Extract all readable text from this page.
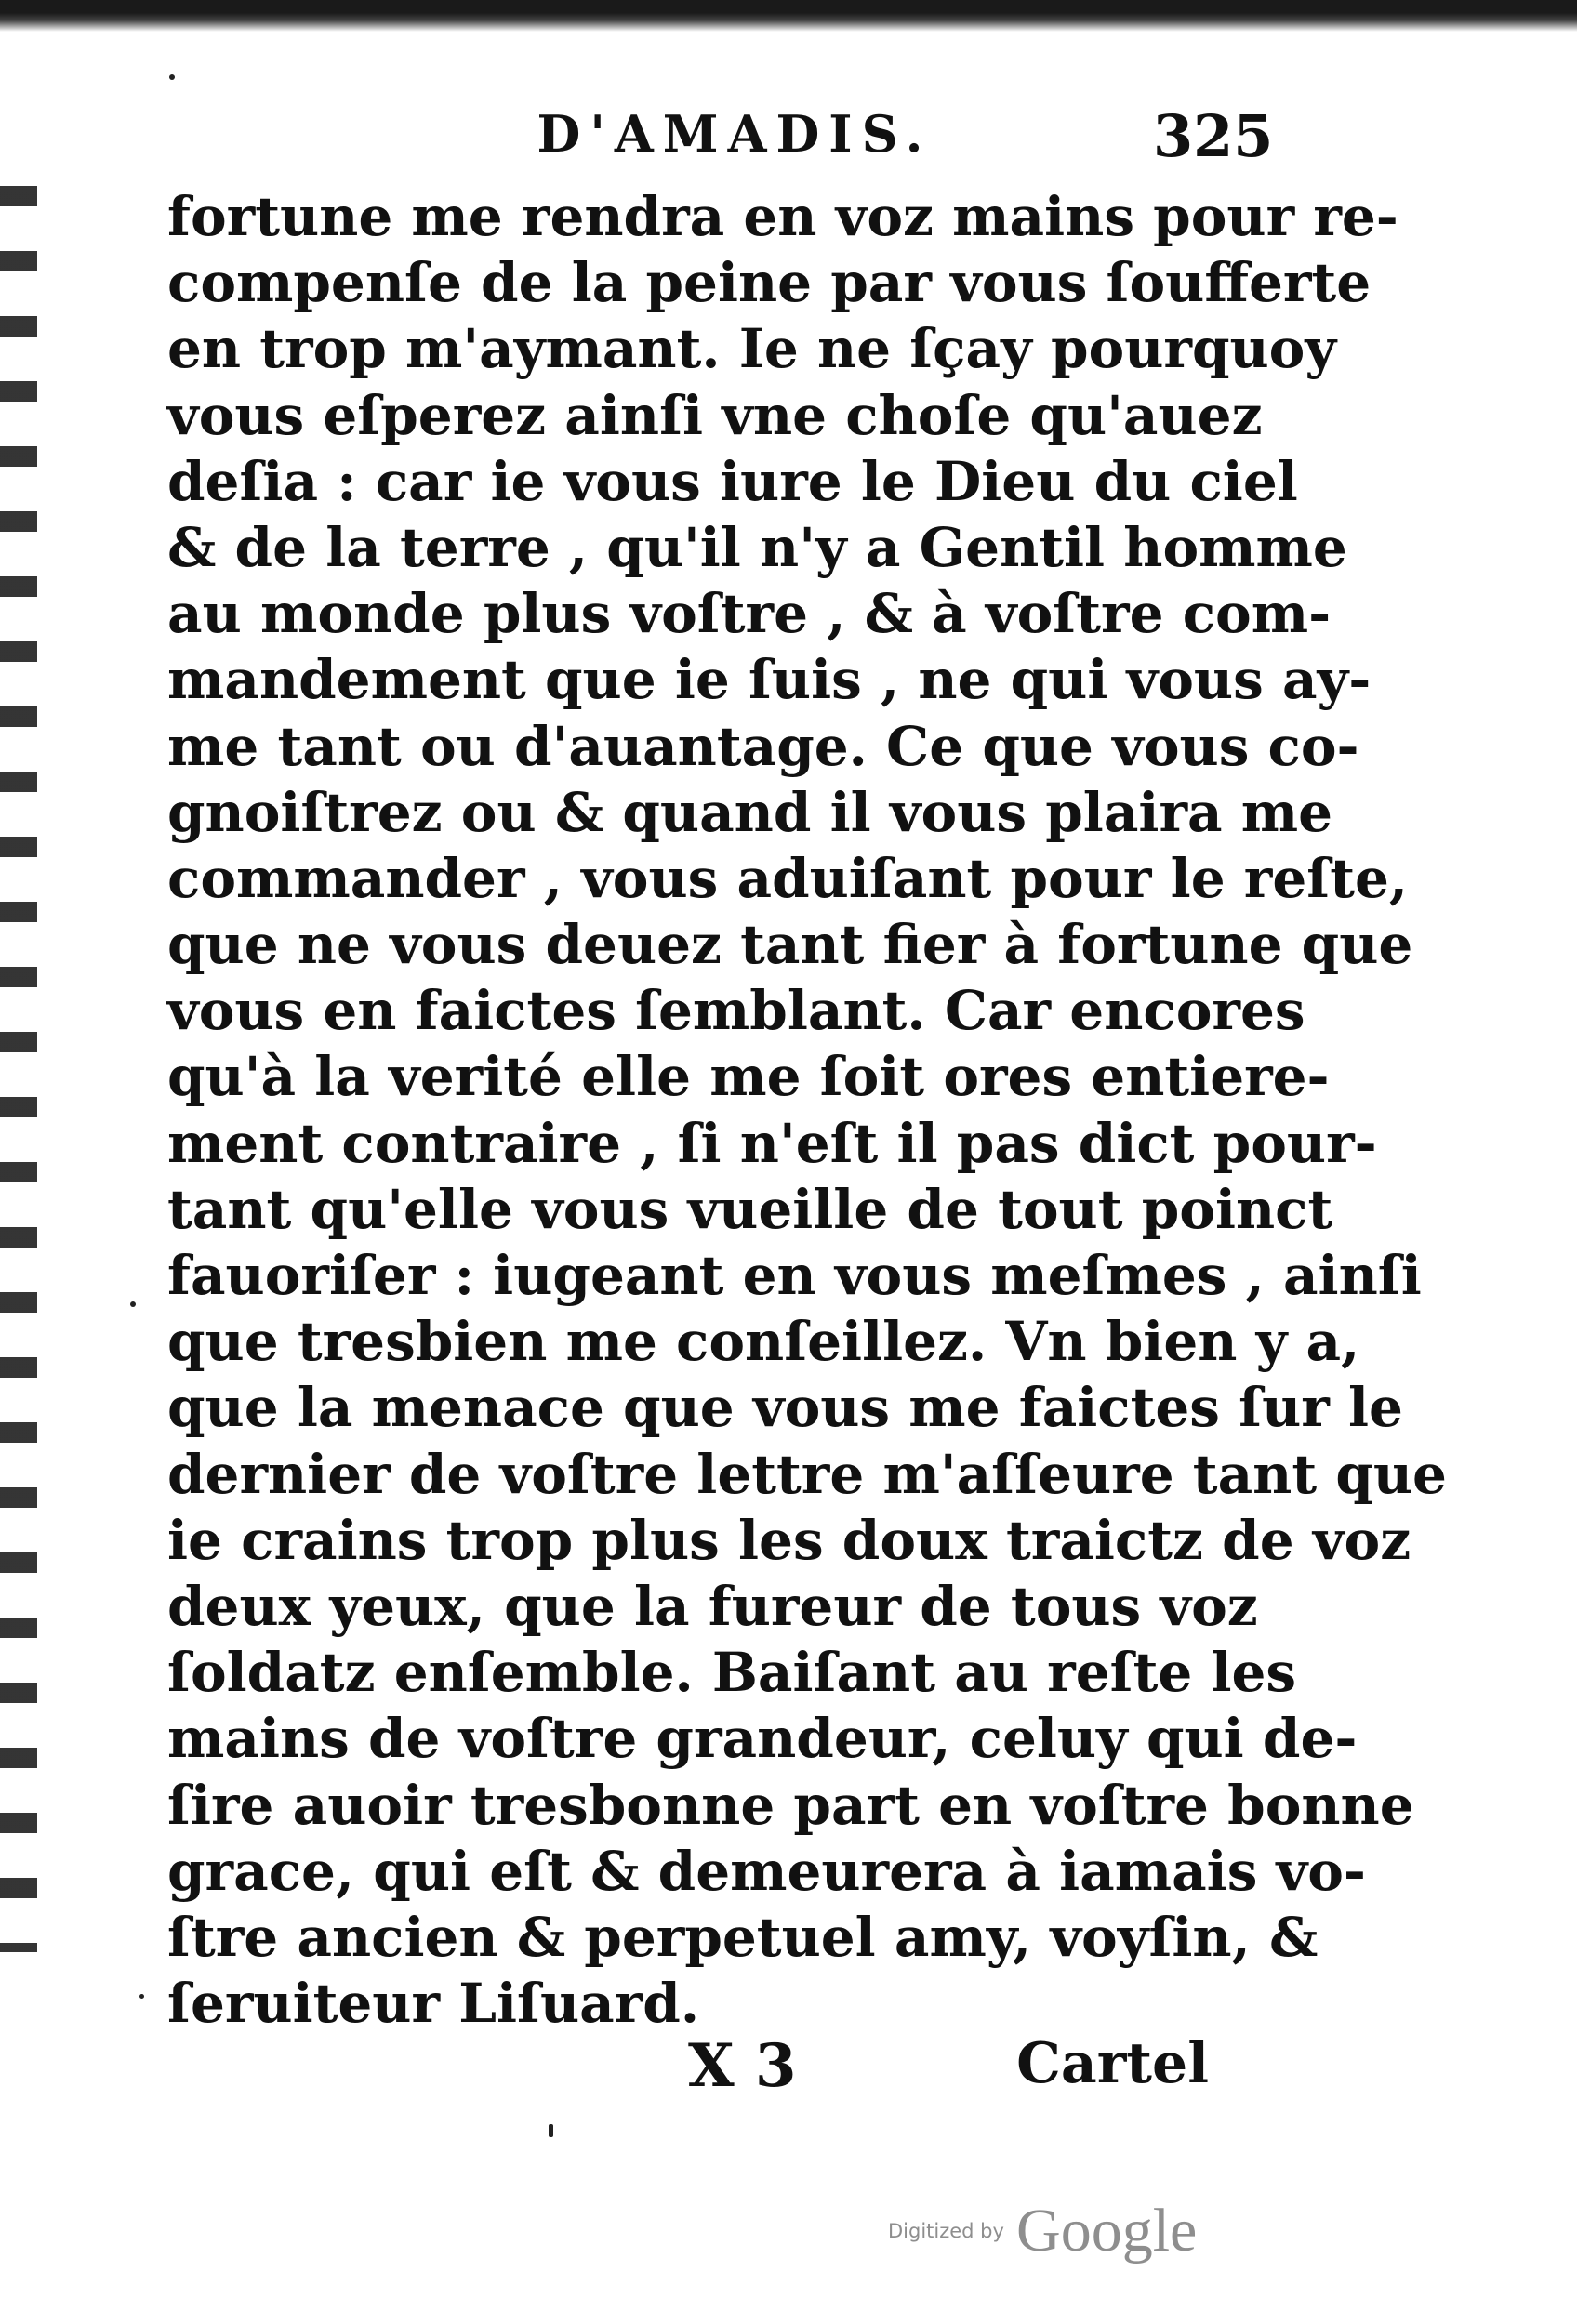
D'AMADIS.	325
fortune me rendra en voz mains pour re-
compenſe de la peine par vous ſoufferte
en trop m'aymant. Ie ne ſçay pourquoy
vous eſperez ainſi vne choſe qu'auez
deſia : car ie vous iure le Dieu du ciel
& de la terre , qu'il n'y a Gentil homme
au monde plus voſtre , & à voſtre com-
mandement que ie ſuis , ne qui vous ay-
me tant ou d'auantage. Ce que vous co-
gnoiſtrez ou & quand il vous plaira me
commander , vous aduiſant pour le reſte,
que ne vous deuez tant fier à fortune que
vous en faictes ſemblant. Car encores
qu'à la verité elle me ſoit ores entiere-
ment contraire , ſi n'eſt il pas dict pour-
tant qu'elle vous vueille de tout poinct
fauoriſer : iugeant en vous meſmes , ainſi
que tresbien me conſeillez. Vn bien y a,
que la menace que vous me faictes ſur le
dernier de voſtre lettre m'aſſeure tant que
ie crains trop plus les doux traictz de voz
deux yeux, que la fureur de tous voz
ſoldatz enſemble. Baiſant au reſte les
mains de voſtre grandeur, celuy qui de-
ſire auoir tresbonne part en voſtre bonne
grace, qui eſt & demeurera à iamais vo-
ſtre ancien & perpetuel amy, voyſin, &
ſeruiteur Liſuard.
X 3	Cartel
Digitized by Google
